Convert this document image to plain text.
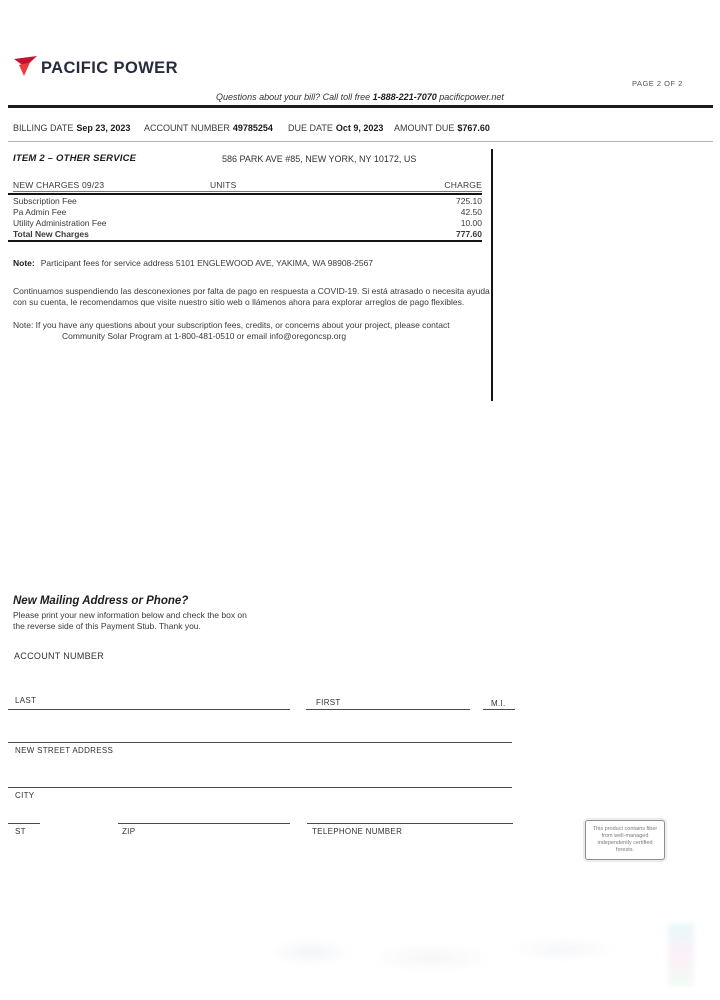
PACIFIC POWER
PAGE 2 OF 2
Questions about your bill? Call toll free 1-888-221-7070 pacificpower.net
BILLING DATE Sep 23, 2023 ACCOUNT NUMBER 49785254 DUE DATE Oct 9, 2023 AMOUNT DUE $767.60
ITEM 2 – OTHER SERVICE	586 PARK AVE #85, NEW YORK, NY 10172, US
NEW CHARGES 09/23	UNITS	CHARGE
Subscription Fee	725.10
Pa Admin Fee	42.50
Utility Administration Fee	10.00
Total New Charges	777.60
Note: Participant fees for service address 5101 ENGLEWOOD AVE, YAKIMA, WA 98908-2567
Continuamos suspendiendo las desconexiones por falta de pago en respuesta a COVID-19. Si está atrasado o necesita ayuda
con su cuenta, le recomendamos que visite nuestro sitio web o llámenos ahora para explorar arreglos de pago flexibles.
Note: If you have any questions about your subscription fees, credits, or concerns about your project, please contact
Community Solar Program at 1-800-481-0510 or email info@oregoncsp.org
New Mailing Address or Phone?
Please print your new information below and check the box on
the reverse side of this Payment Stub. Thank you.
ACCOUNT NUMBER
LAST	FIRST	M.I.
NEW STREET ADDRESS
CITY
ST	ZIP	TELEPHONE NUMBER	This product contains fiber from well-managed independently certified forests.
